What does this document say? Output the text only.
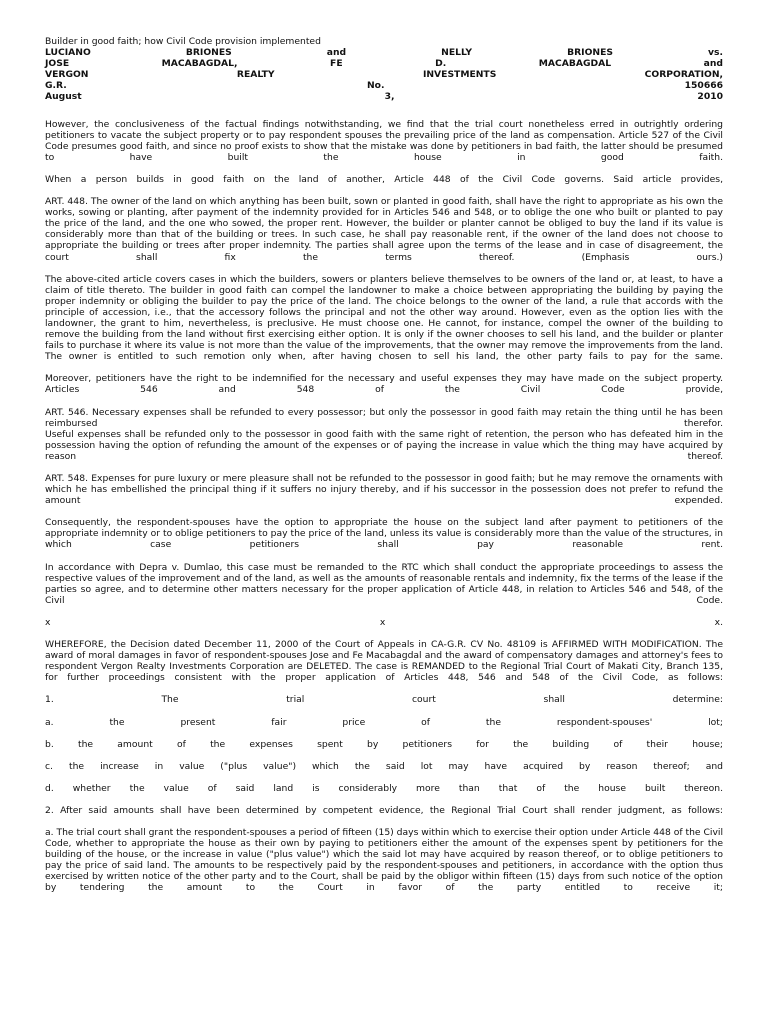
Builder in good faith; how Civil Code provision implemented
LUCIANO BRIONES and NELLY BRIONES vs.
JOSE MACABAGDAL, FE D. MACABAGDAL and
VERGON REALTY INVESTMENTS CORPORATION,
G.R. No. 150666
August 3, 2010

However, the conclusiveness of the factual findings notwithstanding, we find that the trial court nonetheless erred in outrightly ordering petitioners to vacate the subject property or to pay respondent spouses the prevailing price of the land as compensation. Article 527 of the Civil Code presumes good faith, and since no proof exists to show that the mistake was done by petitioners in bad faith, the latter should be presumed to have built the house in good faith.

When a person builds in good faith on the land of another, Article 448 of the Civil Code governs. Said article provides,

ART. 448. The owner of the land on which anything has been built, sown or planted in good faith, shall have the right to appropriate as his own the works, sowing or planting, after payment of the indemnity provided for in Articles 546 and 548, or to oblige the one who built or planted to pay the price of the land, and the one who sowed, the proper rent. However, the builder or planter cannot be obliged to buy the land if its value is considerably more than that of the building or trees. In such case, he shall pay reasonable rent, if the owner of the land does not choose to appropriate the building or trees after proper indemnity. The parties shall agree upon the terms of the lease and in case of disagreement, the court shall fix the terms thereof. (Emphasis ours.)

The above-cited article covers cases in which the builders, sowers or planters believe themselves to be owners of the land or, at least, to have a claim of title thereto. The builder in good faith can compel the landowner to make a choice between appropriating the building by paying the proper indemnity or obliging the builder to pay the price of the land. The choice belongs to the owner of the land, a rule that accords with the principle of accession, i.e., that the accessory follows the principal and not the other way around. However, even as the option lies with the landowner, the grant to him, nevertheless, is preclusive. He must choose one. He cannot, for instance, compel the owner of the building to remove the building from the land without first exercising either option. It is only if the owner chooses to sell his land, and the builder or planter fails to purchase it where its value is not more than the value of the improvements, that the owner may remove the improvements from the land. The owner is entitled to such remotion only when, after having chosen to sell his land, the other party fails to pay for the same.

Moreover, petitioners have the right to be indemnified for the necessary and useful expenses they may have made on the subject property. Articles 546 and 548 of the Civil Code provide,

ART. 546. Necessary expenses shall be refunded to every possessor; but only the possessor in good faith may retain the thing until he has been reimbursed therefor.

Useful expenses shall be refunded only to the possessor in good faith with the same right of retention, the person who has defeated him in the possession having the option of refunding the amount of the expenses or of paying the increase in value which the thing may have acquired by reason thereof.

ART. 548. Expenses for pure luxury or mere pleasure shall not be refunded to the possessor in good faith; but he may remove the ornaments with which he has embellished the principal thing if it suffers no injury thereby, and if his successor in the possession does not prefer to refund the amount expended.

Consequently, the respondent-spouses have the option to appropriate the house on the subject land after payment to petitioners of the appropriate indemnity or to oblige petitioners to pay the price of the land, unless its value is considerably more than the value of the structures, in which case petitioners shall pay reasonable rent.

In accordance with Depra v. Dumlao, this case must be remanded to the RTC which shall conduct the appropriate proceedings to assess the respective values of the improvement and of the land, as well as the amounts of reasonable rentals and indemnity, fix the terms of the lease if the parties so agree, and to determine other matters necessary for the proper application of Article 448, in relation to Articles 546 and 548, of the Civil Code.

x	x	x.

WHEREFORE, the Decision dated December 11, 2000 of the Court of Appeals in CA-G.R. CV No. 48109 is AFFIRMED WITH MODIFICATION. The award of moral damages in favor of respondent-spouses Jose and Fe Macabagdal and the award of compensatory damages and attorney's fees to respondent Vergon Realty Investments Corporation are DELETED. The case is REMANDED to the Regional Trial Court of Makati City, Branch 135, for further proceedings consistent with the proper application of Articles 448, 546 and 548 of the Civil Code, as follows:

1. The trial court shall determine:

a. the present fair price of the respondent-spouses' lot;

b. the amount of the expenses spent by petitioners for the building of their house;

c. the increase in value ("plus value") which the said lot may have acquired by reason thereof; and

d. whether the value of said land is considerably more than that of the house built thereon.

2. After said amounts shall have been determined by competent evidence, the Regional Trial Court shall render judgment, as follows:

a. The trial court shall grant the respondent-spouses a period of fifteen (15) days within which to exercise their option under Article 448 of the Civil Code, whether to appropriate the house as their own by paying to petitioners either the amount of the expenses spent by petitioners for the building of the house, or the increase in value ("plus value") which the said lot may have acquired by reason thereof, or to oblige petitioners to pay the price of said land. The amounts to be respectively paid by the respondent-spouses and petitioners, in accordance with the option thus exercised by written notice of the other party and to the Court, shall be paid by the obligor within fifteen (15) days from such notice of the option by tendering the amount to the Court in favor of the party entitled to receive it;
